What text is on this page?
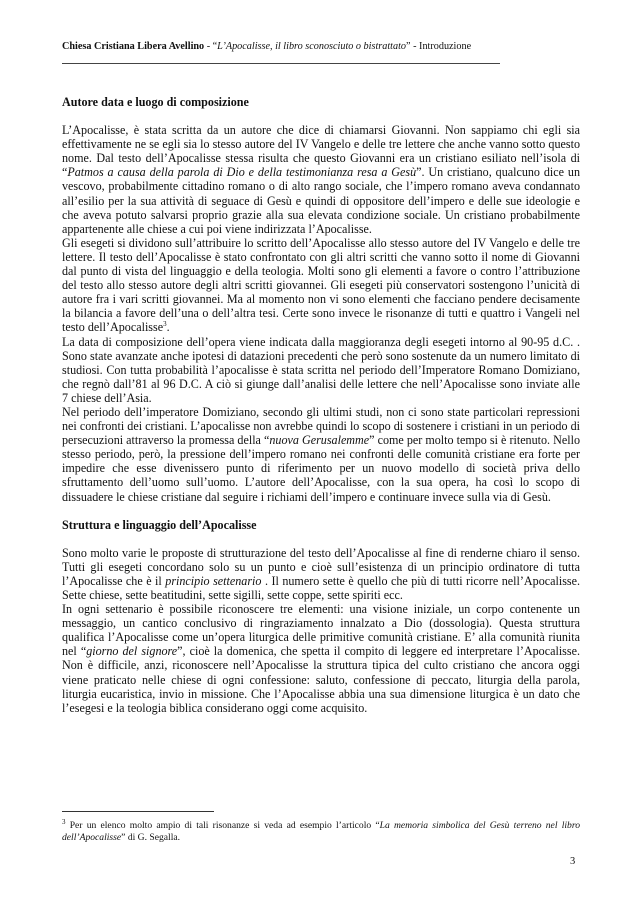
Chiesa Cristiana Libera Avellino - “L’Apocalisse, il libro sconosciuto o bistrattato” - Introduzione
Autore data e luogo di composizione

L’Apocalisse, è stata scritta da un autore che dice di chiamarsi Giovanni. Non sappiamo chi egli sia effettivamente ne se egli sia lo stesso autore del IV Vangelo e delle tre lettere che anche vanno sotto questo nome. Dal testo dell’Apocalisse stessa risulta che questo Giovanni era un cristiano esiliato nell’isola di “Patmos a causa della parola di Dio e della testimonianza resa a Gesù”. Un cristiano, qualcuno dice un vescovo, probabilmente cittadino romano o di alto rango sociale, che l’impero romano aveva condannato all’esilio per la sua attività di seguace di Gesù e quindi di oppositore dell’impero e delle sue ideologie e che aveva potuto salvarsi proprio grazie alla sua elevata condizione sociale. Un cristiano probabilmente appartenente alle chiese a cui poi viene indirizzata l’Apocalisse.

Gli esegeti si dividono sull’attribuire lo scritto dell’Apocalisse allo stesso autore del IV Vangelo e delle tre lettere. Il testo dell’Apocalisse è stato confrontato con gli altri scritti che vanno sotto il nome di Giovanni dal punto di vista del linguaggio e della teologia. Molti sono gli elementi a favore o contro l’attribuzione del testo allo stesso autore degli altri scritti giovannei. Gli esegeti più conservatori sostengono l’unicità di autore fra i vari scritti giovannei. Ma al momento non vi sono elementi che facciano pendere decisamente la bilancia a favore dell’una o dell’altra tesi. Certe sono invece le risonanze di tutti e quattro i Vangeli nel testo dell’Apocalisse$^3$.

La data di composizione dell’opera viene indicata dalla maggioranza degli esegeti intorno al 90-95 d.C. . Sono state avanzate anche ipotesi di datazioni precedenti che però sono sostenute da un numero limitato di studiosi. Con tutta probabilità l’apocalisse è stata scritta nel periodo dell’Imperatore Romano Domiziano, che regnò dall’81 al 96 D.C. A ciò si giunge dall’analisi delle lettere che nell’Apocalisse sono inviate alle 7 chiese dell’Asia.

Nel periodo dell’imperatore Domiziano, secondo gli ultimi studi, non ci sono state particolari repressioni nei confronti dei cristiani. L’apocalisse non avrebbe quindi lo scopo di sostenere i cristiani in un periodo di persecuzioni attraverso la promessa della “nuova Gerusalemme” come per molto tempo si è ritenuto. Nello stesso periodo, però, la pressione dell’impero romano nei confronti delle comunità cristiane era forte per impedire che esse divenissero punto di riferimento per un nuovo modello di società priva dello sfruttamento dell’uomo sull’uomo. L’autore dell’Apocalisse, con la sua opera, ha così lo scopo di dissuadere le chiese cristiane dal seguire i richiami dell’impero e continuare invece sulla via di Gesù.

Struttura e linguaggio dell’Apocalisse

Sono molto varie le proposte di strutturazione del testo dell’Apocalisse al fine di renderne chiaro il senso. Tutti gli esegeti concordano solo su un punto e cioè sull’esistenza di un principio ordinatore di tutta l’Apocalisse che è il principio settenario . Il numero sette è quello che più di tutti ricorre nell’Apocalisse. Sette chiese, sette beatitudini, sette sigilli, sette coppe, sette spiriti ecc.

In ogni settenario è possibile riconoscere tre elementi: una visione iniziale, un corpo contenente un messaggio, un cantico conclusivo di ringraziamento innalzato a Dio (dossologia). Questa struttura qualifica l’Apocalisse come un’opera liturgica delle primitive comunità cristiane. E’ alla comunità riunita nel “giorno del signore”, cioè la domenica, che spetta il compito di leggere ed interpretare l’Apocalisse. Non è difficile, anzi, riconoscere nell’Apocalisse la struttura tipica del culto cristiano che ancora oggi viene praticato nelle chiese di ogni confessione: saluto, confessione di peccato, liturgia della parola, liturgia eucaristica, invio in missione. Che l’Apocalisse abbia una sua dimensione liturgica è un dato che l’esegesi e la teologia biblica considerano oggi come acquisito.

$^3$ Per un elenco molto ampio di tali risonanze si veda ad esempio l’articolo “La memoria simbolica del Gesù terreno nel libro dell’Apocalisse” di G. Segalla.
3
